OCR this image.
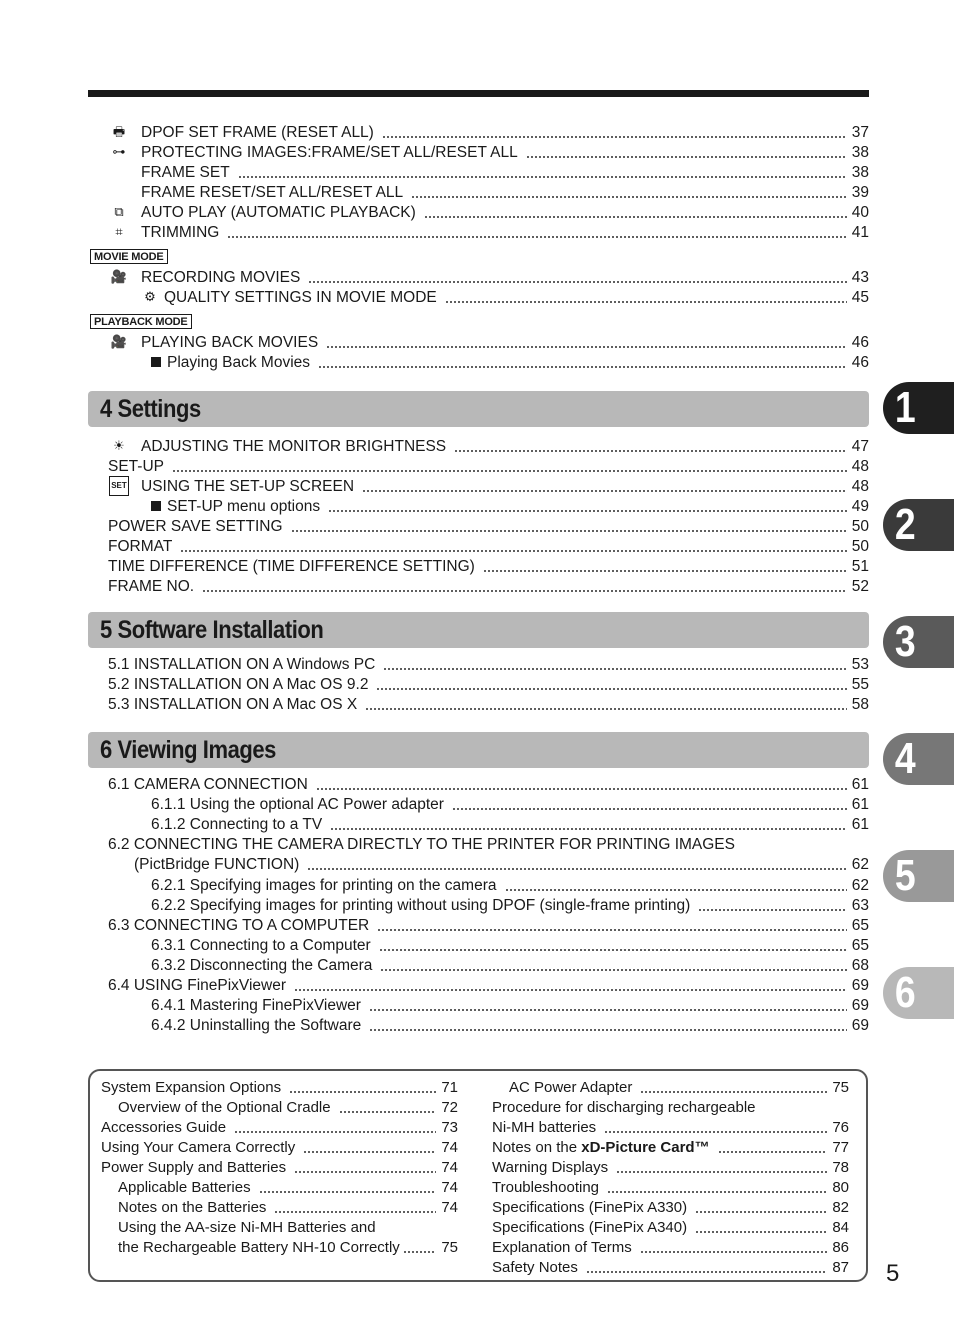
🖶 DPOF SET FRAME (RESET ALL)	37
⊶ PROTECTING IMAGES:FRAME/SET ALL/RESET ALL	38
FRAME SET	38
FRAME RESET/SET ALL/RESET ALL	39
⧉	AUTO PLAY (AUTOMATIC PLAYBACK)	40
⌗	TRIMMING	41
MOVIE MODE
🎥 RECORDING MOVIES	43
⚙ QUALITY SETTINGS IN MOVIE MODE	45
PLAYBACK MODE
🎥 PLAYING BACK MOVIES	46
Playing Back Movies	46
4 Settings
☀ ADJUSTING THE MONITOR BRIGHTNESS	47
SET-UP	48
SET USING THE SET-UP SCREEN	48
SET-UP menu options	49
POWER SAVE SETTING	50
FORMAT	50
TIME DIFFERENCE (TIME DIFFERENCE SETTING)	51
FRAME NO.	52
5 Software Installation
5.1 INSTALLATION ON A Windows PC	53
5.2 INSTALLATION ON A Mac OS 9.2	55
5.3 INSTALLATION ON A Mac OS X	58
6 Viewing Images
6.1 CAMERA CONNECTION	61
6.1.1 Using the optional AC Power adapter	61
6.1.2 Connecting to a TV	61
6.2 CONNECTING THE CAMERA DIRECTLY TO THE PRINTER FOR PRINTING IMAGES
(PictBridge FUNCTION)	62
6.2.1 Specifying images for printing on the camera	62
6.2.2 Specifying images for printing without using DPOF (single-frame printing)	63
6.3 CONNECTING TO A COMPUTER	65
6.3.1 Connecting to a Computer	65
6.3.2 Disconnecting the Camera	68
6.4 USING FinePixViewer	69
6.4.1 Mastering FinePixViewer	69
6.4.2 Uninstalling the Software	69
System Expansion Options	71
Overview of the Optional Cradle	72
Accessories Guide	73
Using Your Camera Correctly	74
Power Supply and Batteries	74
Applicable Batteries	74
Notes on the Batteries	74
Using the AA-size Ni-MH Batteries and
the Rechargeable Battery NH-10 Correctly	75
AC Power Adapter	75
Procedure for discharging rechargeable
Ni-MH batteries	76
Notes on the xD-Picture Card™	77
Warning Displays	78
Troubleshooting	80
Specifications (FinePix A330)	82
Specifications (FinePix A340)	84
Explanation of Terms	86
Safety Notes	87
1
2
3
4
5
6
5
